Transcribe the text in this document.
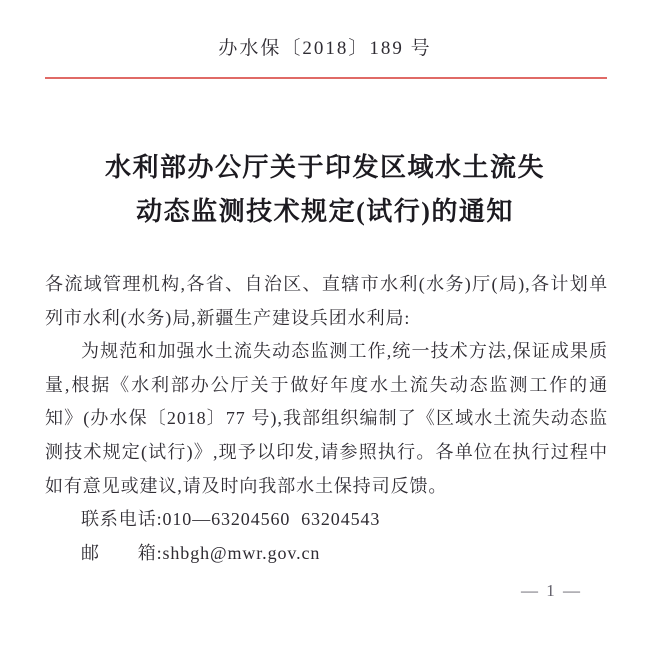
办水保〔2018〕189 号
水利部办公厅关于印发区域水土流失
动态监测技术规定(试行)的通知

各流域管理机构,各省、自治区、直辖市水利(水务)厅(局),各计划单列市水利(水务)局,新疆生产建设兵团水利局:

为规范和加强水土流失动态监测工作,统一技术方法,保证成果质量,根据《水利部办公厅关于做好年度水土流失动态监测工作的通知》(办水保〔2018〕77 号),我部组织编制了《区域水土流失动态监测技术规定(试行)》,现予以印发,请参照执行。各单位在执行过程中如有意见或建议,请及时向我部水土保持司反馈。

联系电话:010—63204560  63204543

邮　　箱:shbgh@mwr.gov.cn

— 1 —
